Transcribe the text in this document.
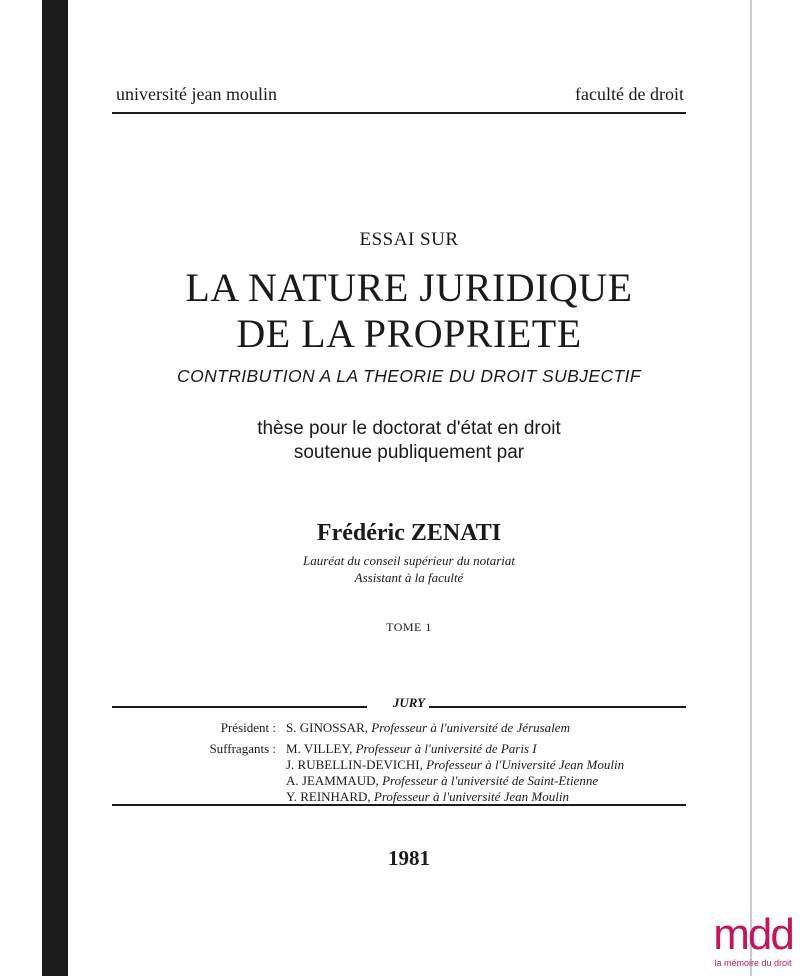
université jean moulin	faculté de droit
ESSAI SUR
LA NATURE JURIDIQUE
DE LA PROPRIETE
CONTRIBUTION A LA THEORIE DU DROIT SUBJECTIF
thèse pour le doctorat d'état en droit
soutenue publiquement par
Frédéric ZENATI
Lauréat du conseil supérieur du notariat
Assistant à la faculté
TOME 1
JURY
Président : S. GINOSSAR, Professeur à l'université de Jérusalem
Suffragants : M. VILLEY, Professeur à l'université de Paris I
J. RUBELLIN-DEVICHI, Professeur à l'Université Jean Moulin
A. JEAMMAUD, Professeur à l'université de Saint-Etienne
Y. REINHARD, Professeur à l'université Jean Moulin
1981
mdd
la mémoire du droit
